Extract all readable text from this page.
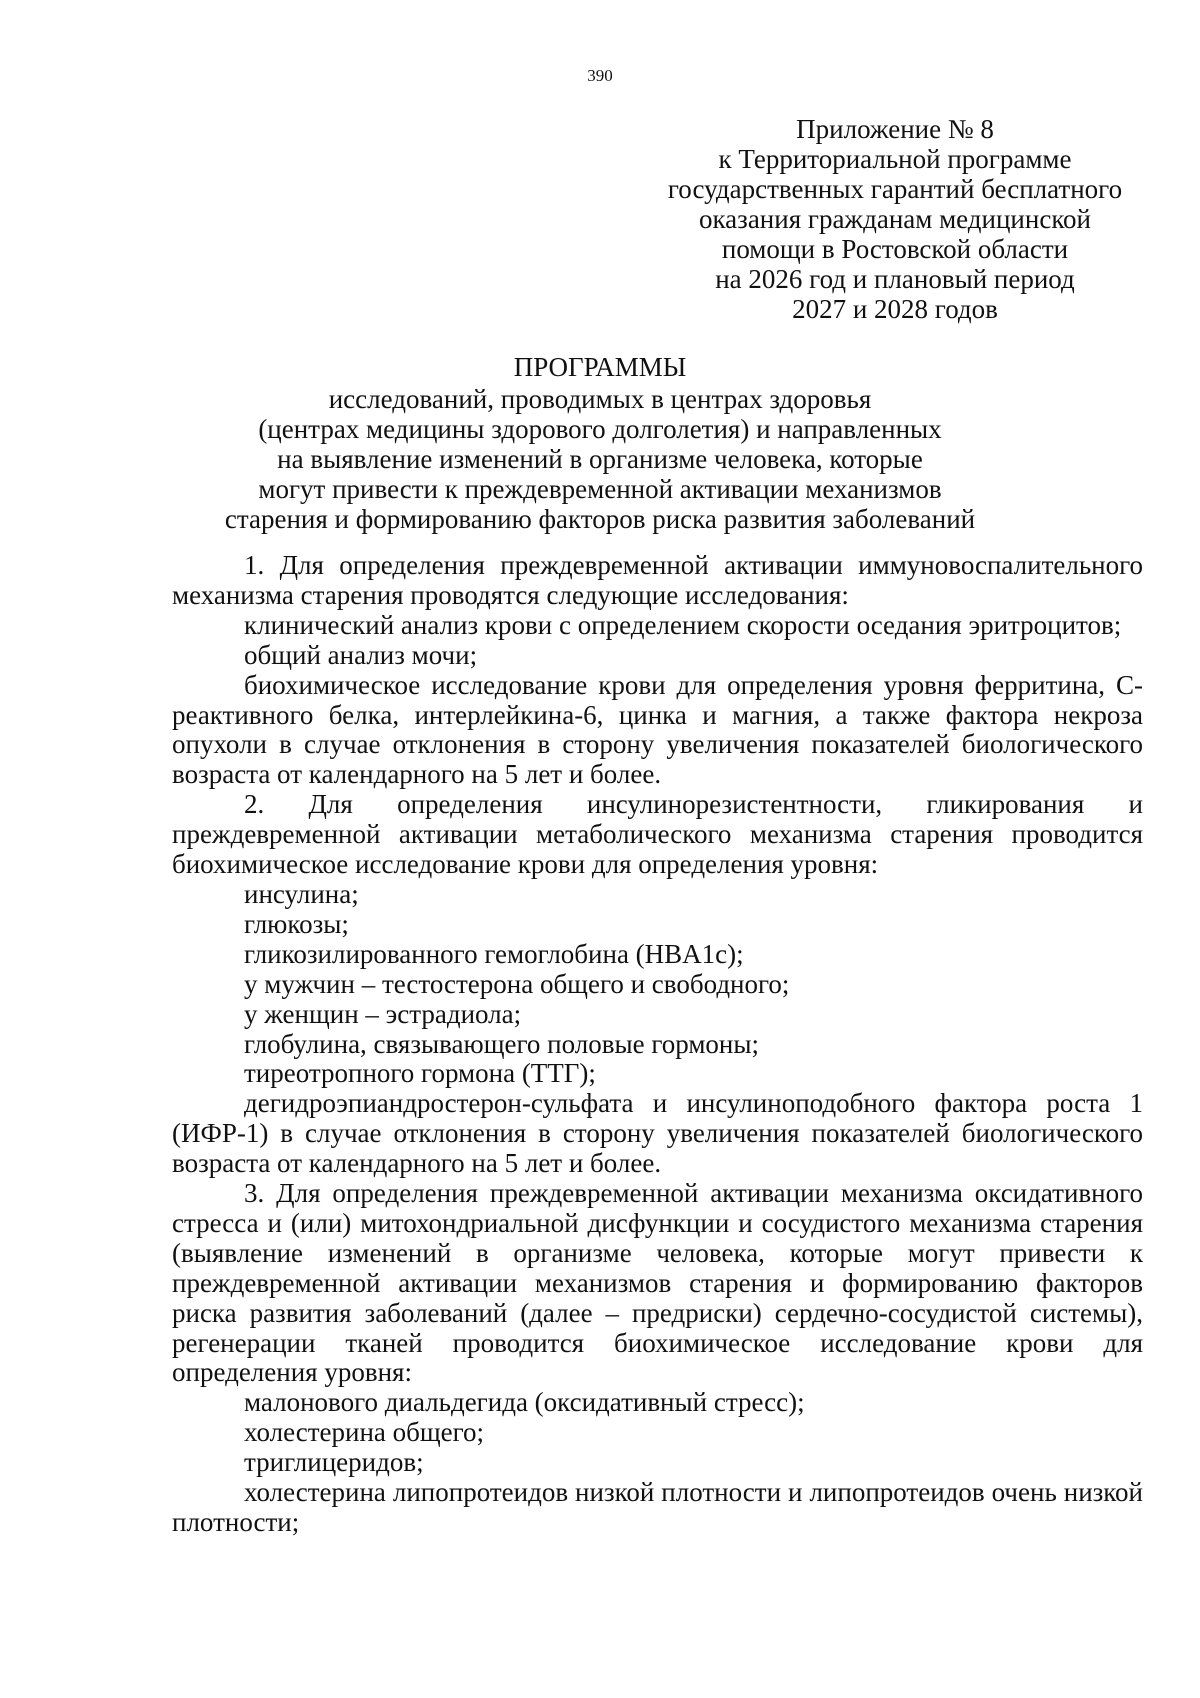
390
Приложение № 8
к Территориальной программе
государственных гарантий бесплатного
оказания гражданам медицинской
помощи в Ростовской области
на 2026 год и плановый период
2027 и 2028 годов
ПРОГРАММЫ
исследований, проводимых в центрах здоровья
(центрах медицины здорового долголетия) и направленных
на выявление изменений в организме человека, которые
могут привести к преждевременной активации механизмов
старения и формированию факторов риска развития заболеваний

1. Для определения преждевременной активации иммуновоспалительного механизма старения проводятся следующие исследования:

клинический анализ крови с определением скорости оседания эритроцитов;

общий анализ мочи;

биохимическое исследование крови для определения уровня ферритина, С-реактивного белка, интерлейкина-6, цинка и магния, а также фактора некроза опухоли в случае отклонения в сторону увеличения показателей биологического возраста от календарного на 5 лет и более.

2. Для определения инсулинорезистентности, гликирования и преждевременной активации метаболического механизма старения проводится биохимическое исследование крови для определения уровня:

инсулина;

глюкозы;

гликозилированного гемоглобина (HBA1c);

у мужчин – тестостерона общего и свободного;

у женщин – эстрадиола;

глобулина, связывающего половые гормоны;

тиреотропного гормона (ТТГ);

дегидроэпиандростерон-сульфата и инсулиноподобного фактора роста 1 (ИФР-1) в случае отклонения в сторону увеличения показателей биологического возраста от календарного на 5 лет и более.

3. Для определения преждевременной активации механизма оксидативного стресса и (или) митохондриальной дисфункции и сосудистого механизма старения (выявление изменений в организме человека, которые могут привести к преждевременной активации механизмов старения и формированию факторов риска развития заболеваний (далее – предриски) сердечно-сосудистой системы), регенерации тканей проводится биохимическое исследование крови для определения уровня:

малонового диальдегида (оксидативный стресс);

холестерина общего;

триглицеридов;

холестерина липопротеидов низкой плотности и липопротеидов очень низкой плотности;
